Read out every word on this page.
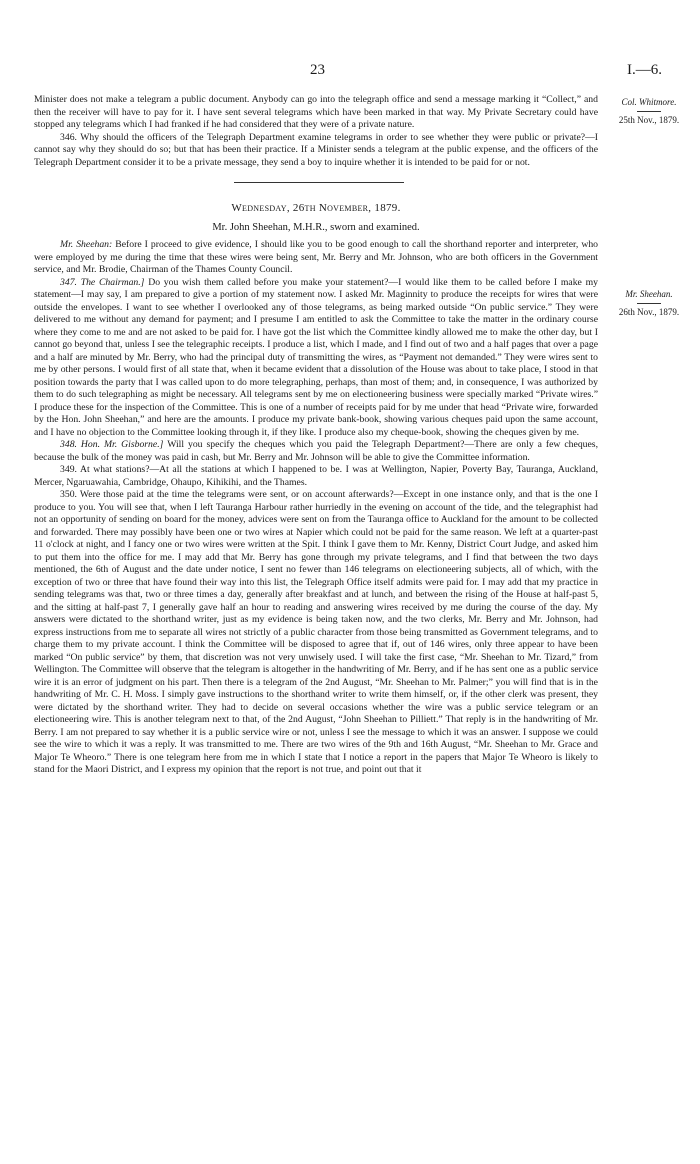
23	I.—6.
Col. Whitmore.
25th Nov., 1879.
Mr. Sheehan.
26th Nov., 1879.

Minister does not make a telegram a public document. Anybody can go into the telegraph office and send a message marking it “Collect,” and then the receiver will have to pay for it. I have sent several telegrams which have been marked in that way. My Private Secretary could have stopped any telegrams which I had franked if he had considered that they were of a private nature.

346. Why should the officers of the Telegraph Department examine telegrams in order to see whether they were public or private?—I cannot say why they should do so; but that has been their practice. If a Minister sends a telegram at the public expense, and the officers of the Telegraph Department consider it to be a private message, they send a boy to inquire whether it is intended to be paid for or not.

Wednesday, 26th November, 1879.
Mr. John Sheehan, M.H.R., sworn and examined.

Mr. Sheehan: Before I proceed to give evidence, I should like you to be good enough to call the shorthand reporter and interpreter, who were employed by me during the time that these wires were being sent, Mr. Berry and Mr. Johnson, who are both officers in the Government service, and Mr. Brodie, Chairman of the Thames County Council.

347. The Chairman.] Do you wish them called before you make your statement?—I would like them to be called before I make my statement—I may say, I am prepared to give a portion of my statement now. I asked Mr. Maginnity to produce the receipts for wires that were outside the envelopes. I want to see whether I overlooked any of those telegrams, as being marked outside “On public service.” They were delivered to me without any demand for payment; and I presume I am entitled to ask the Committee to take the matter in the ordinary course where they come to me and are not asked to be paid for. I have got the list which the Committee kindly allowed me to make the other day, but I cannot go beyond that, unless I see the telegraphic receipts. I produce a list, which I made, and I find out of two and a half pages that over a page and a half are minuted by Mr. Berry, who had the principal duty of transmitting the wires, as “Payment not demanded.” They were wires sent to me by other persons. I would first of all state that, when it became evident that a dissolution of the House was about to take place, I stood in that position towards the party that I was called upon to do more telegraphing, perhaps, than most of them; and, in consequence, I was authorized by them to do such telegraphing as might be necessary. All telegrams sent by me on electioneering business were specially marked “Private wires.” I produce these for the inspection of the Committee. This is one of a number of receipts paid for by me under that head “Private wire, forwarded by the Hon. John Sheehan,” and here are the amounts. I produce my private bank-book, showing various cheques paid upon the same account, and I have no objection to the Committee looking through it, if they like. I produce also my cheque-book, showing the cheques given by me.

348. Hon. Mr. Gisborne.] Will you specify the cheques which you paid the Telegraph Department?—There are only a few cheques, because the bulk of the money was paid in cash, but Mr. Berry and Mr. Johnson will be able to give the Committee information.

349. At what stations?—At all the stations at which I happened to be. I was at Wellington, Napier, Poverty Bay, Tauranga, Auckland, Mercer, Ngaruawahia, Cambridge, Ohaupo, Kihikihi, and the Thames.

350. Were those paid at the time the telegrams were sent, or on account afterwards?—Except in one instance only, and that is the one I produce to you. You will see that, when I left Tauranga Harbour rather hurriedly in the evening on account of the tide, and the telegraphist had not an opportunity of sending on board for the money, advices were sent on from the Tauranga office to Auckland for the amount to be collected and forwarded. There may possibly have been one or two wires at Napier which could not be paid for the same reason. We left at a quarter-past 11 o'clock at night, and I fancy one or two wires were written at the Spit. I think I gave them to Mr. Kenny, District Court Judge, and asked him to put them into the office for me. I may add that Mr. Berry has gone through my private telegrams, and I find that between the two days mentioned, the 6th of August and the date under notice, I sent no fewer than 146 telegrams on electioneering subjects, all of which, with the exception of two or three that have found their way into this list, the Telegraph Office itself admits were paid for. I may add that my practice in sending telegrams was that, two or three times a day, generally after breakfast and at lunch, and between the rising of the House at half-past 5, and the sitting at half-past 7, I generally gave half an hour to reading and answering wires received by me during the course of the day. My answers were dictated to the shorthand writer, just as my evidence is being taken now, and the two clerks, Mr. Berry and Mr. Johnson, had express instructions from me to separate all wires not strictly of a public character from those being transmitted as Government telegrams, and to charge them to my private account. I think the Committee will be disposed to agree that if, out of 146 wires, only three appear to have been marked “On public service” by them, that discretion was not very unwisely used. I will take the first case, “Mr. Sheehan to Mr. Tizard,” from Wellington. The Committee will observe that the telegram is altogether in the handwriting of Mr. Berry, and if he has sent one as a public service wire it is an error of judgment on his part. Then there is a telegram of the 2nd August, “Mr. Sheehan to Mr. Palmer;” you will find that is in the handwriting of Mr. C. H. Moss. I simply gave instructions to the shorthand writer to write them himself, or, if the other clerk was present, they were dictated by the shorthand writer. They had to decide on several occasions whether the wire was a public service telegram or an electioneering wire. This is another telegram next to that, of the 2nd August, “John Sheehan to Pilliett.” That reply is in the handwriting of Mr. Berry. I am not prepared to say whether it is a public service wire or not, unless I see the message to which it was an answer. I suppose we could see the wire to which it was a reply. It was transmitted to me. There are two wires of the 9th and 16th August, “Mr. Sheehan to Mr. Grace and Major Te Wheoro.” There is one telegram here from me in which I state that I notice a report in the papers that Major Te Wheoro is likely to stand for the Maori District, and I express my opinion that the report is not true, and point out that it
